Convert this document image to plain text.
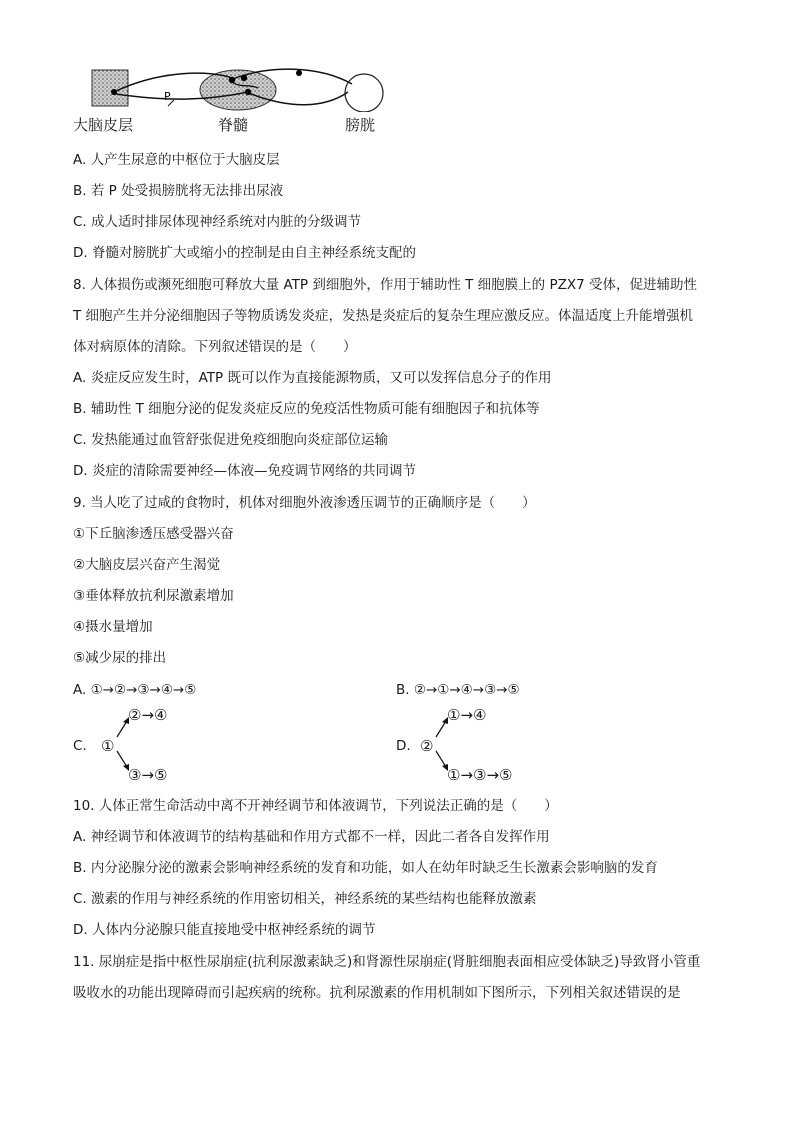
P
大脑皮层	脊髓	膀胱
A. 人产生尿意的中枢位于大脑皮层
B. 若 P 处受损膀胱将无法排出尿液
C. 成人适时排尿体现神经系统对内脏的分级调节
D. 脊髓对膀胱扩大或缩小的控制是由自主神经系统支配的
8. 人体损伤或濒死细胞可释放大量 ATP 到细胞外，作用于辅助性 T 细胞膜上的 PZX7 受体，促进辅助性
T 细胞产生并分泌细胞因子等物质诱发炎症，发热是炎症后的复杂生理应激反应。体温适度上升能增强机
体对病原体的清除。下列叙述错误的是（　　）
A. 炎症反应发生时，ATP 既可以作为直接能源物质，又可以发挥信息分子的作用
B. 辅助性 T 细胞分泌的促发炎症反应的免疫活性物质可能有细胞因子和抗体等
C. 发热能通过血管舒张促进免疫细胞向炎症部位运输
D. 炎症的清除需要神经—体液—免疫调节网络的共同调节
9. 当人吃了过咸的食物时，机体对细胞外液渗透压调节的正确顺序是（　　）
①下丘脑渗透压感受器兴奋
②大脑皮层兴奋产生渴觉
③垂体释放抗利尿激素增加
④摄水量增加
⑤减少尿的排出
A. ①→②→③→④→⑤	B. ②→①→④→③→⑤
C. ①
②→④
③→⑤
D. ②
①→④
①→③→⑤
10. 人体正常生命活动中离不开神经调节和体液调节，下列说法正确的是（　　）
A. 神经调节和体液调节的结构基础和作用方式都不一样，因此二者各自发挥作用
B. 内分泌腺分泌的激素会影响神经系统的发育和功能，如人在幼年时缺乏生长激素会影响脑的发育
C. 激素的作用与神经系统的作用密切相关，神经系统的某些结构也能释放激素
D. 人体内分泌腺只能直接地受中枢神经系统的调节
11. 尿崩症是指中枢性尿崩症(抗利尿激素缺乏)和肾源性尿崩症(肾脏细胞表面相应受体缺乏)导致肾小管重
吸收水的功能出现障碍而引起疾病的统称。抗利尿激素的作用机制如下图所示，下列相关叙述错误的是
